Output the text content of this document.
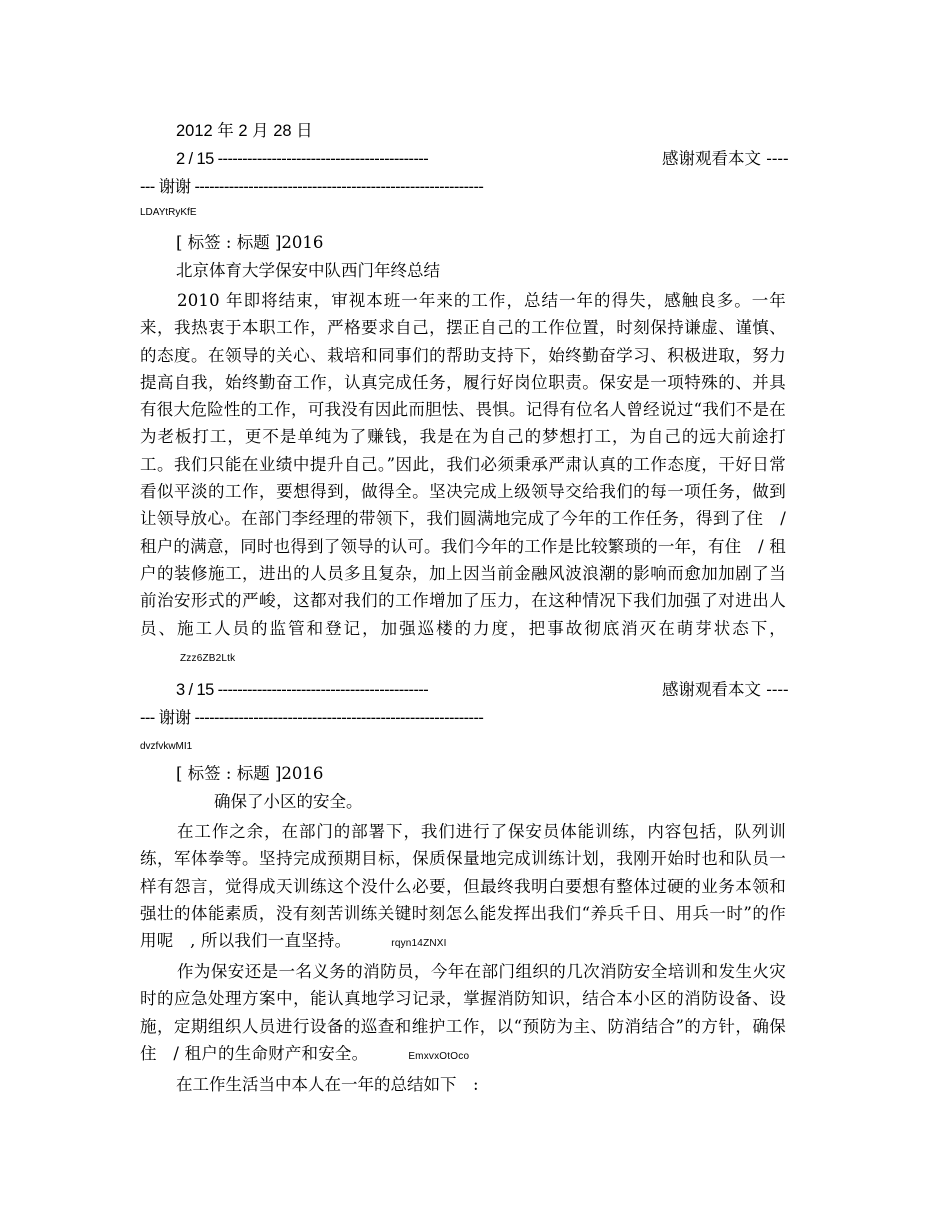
2012 年 2 月 28 日
2 / 15 -------------------------------------------	感谢观看本文 ----
--- 谢谢 -----------------------------------------------------------
LDAYtRyKfE
[ 标签 : 标题 ]2016
北京体育大学保安中队西门年终总结

2010 年即将结束，审视本班一年来的工作，总结一年的得失，感触良多。一年来，我热衷于本职工作，严格要求自己，摆正自己的工作位置，时刻保持谦虚、谨慎、的态度。在领导的关心、栽培和同事们的帮助支持下，始终勤奋学习、积极进取，努力提高自我，始终勤奋工作，认真完成任务，履行好岗位职责。保安是一项特殊的、并具有很大危险性的工作，可我没有因此而胆怯、畏惧。记得有位名人曾经说过“我们不是在为老板打工，更不是单纯为了赚钱，我是在为自己的梦想打工，为自己的远大前途打工。我们只能在业绩中提升自己。”因此，我们必须秉承严肃认真的工作态度，干好日常看似平淡的工作，要想得到，做得全。坚决完成上级领导交给我们的每一项任务，做到让领导放心。在部门李经理的带领下，我们圆满地完成了今年的工作任务，得到了住　/ 租户的满意，同时也得到了领导的认可。我们今年的工作是比较繁琐的一年，有住　/ 租户的装修施工，进出的人员多且复杂，加上因当前金融风波浪潮的影响而愈加加剧了当前治安形式的严峻，这都对我们的工作增加了压力，在这种情况下我们加强了对进出人员、施工人员的监管和登记，加强巡楼的力度，把事故彻底消灭在萌芽状态下，Zzz6ZB2Ltk

3 / 15 -------------------------------------------	感谢观看本文 ----
--- 谢谢 -----------------------------------------------------------
dvzfvkwMI1
[ 标签 : 标题 ]2016
确保了小区的安全。

在工作之余，在部门的部署下，我们进行了保安员体能训练，内容包括，队列训练，军体拳等。坚持完成预期目标，保质保量地完成训练计划，我刚开始时也和队员一样有怨言，觉得成天训练这个没什么必要，但最终我明白要想有整体过硬的业务本领和强壮的体能素质，没有刻苦训练关键时刻怎么能发挥出我们“养兵千日、用兵一时”的作用呢　, 所以我们一直坚持。	rqyn14ZNXI

作为保安还是一名义务的消防员，今年在部门组织的几次消防安全培训和发生火灾时的应急处理方案中，能认真地学习记录，掌握消防知识，结合本小区的消防设备、设施，定期组织人员进行设备的巡查和维护工作，以“预防为主、防消结合”的方针，确保住　/ 租户的生命财产和安全。	EmxvxOtOco

在工作生活当中本人在一年的总结如下　:
